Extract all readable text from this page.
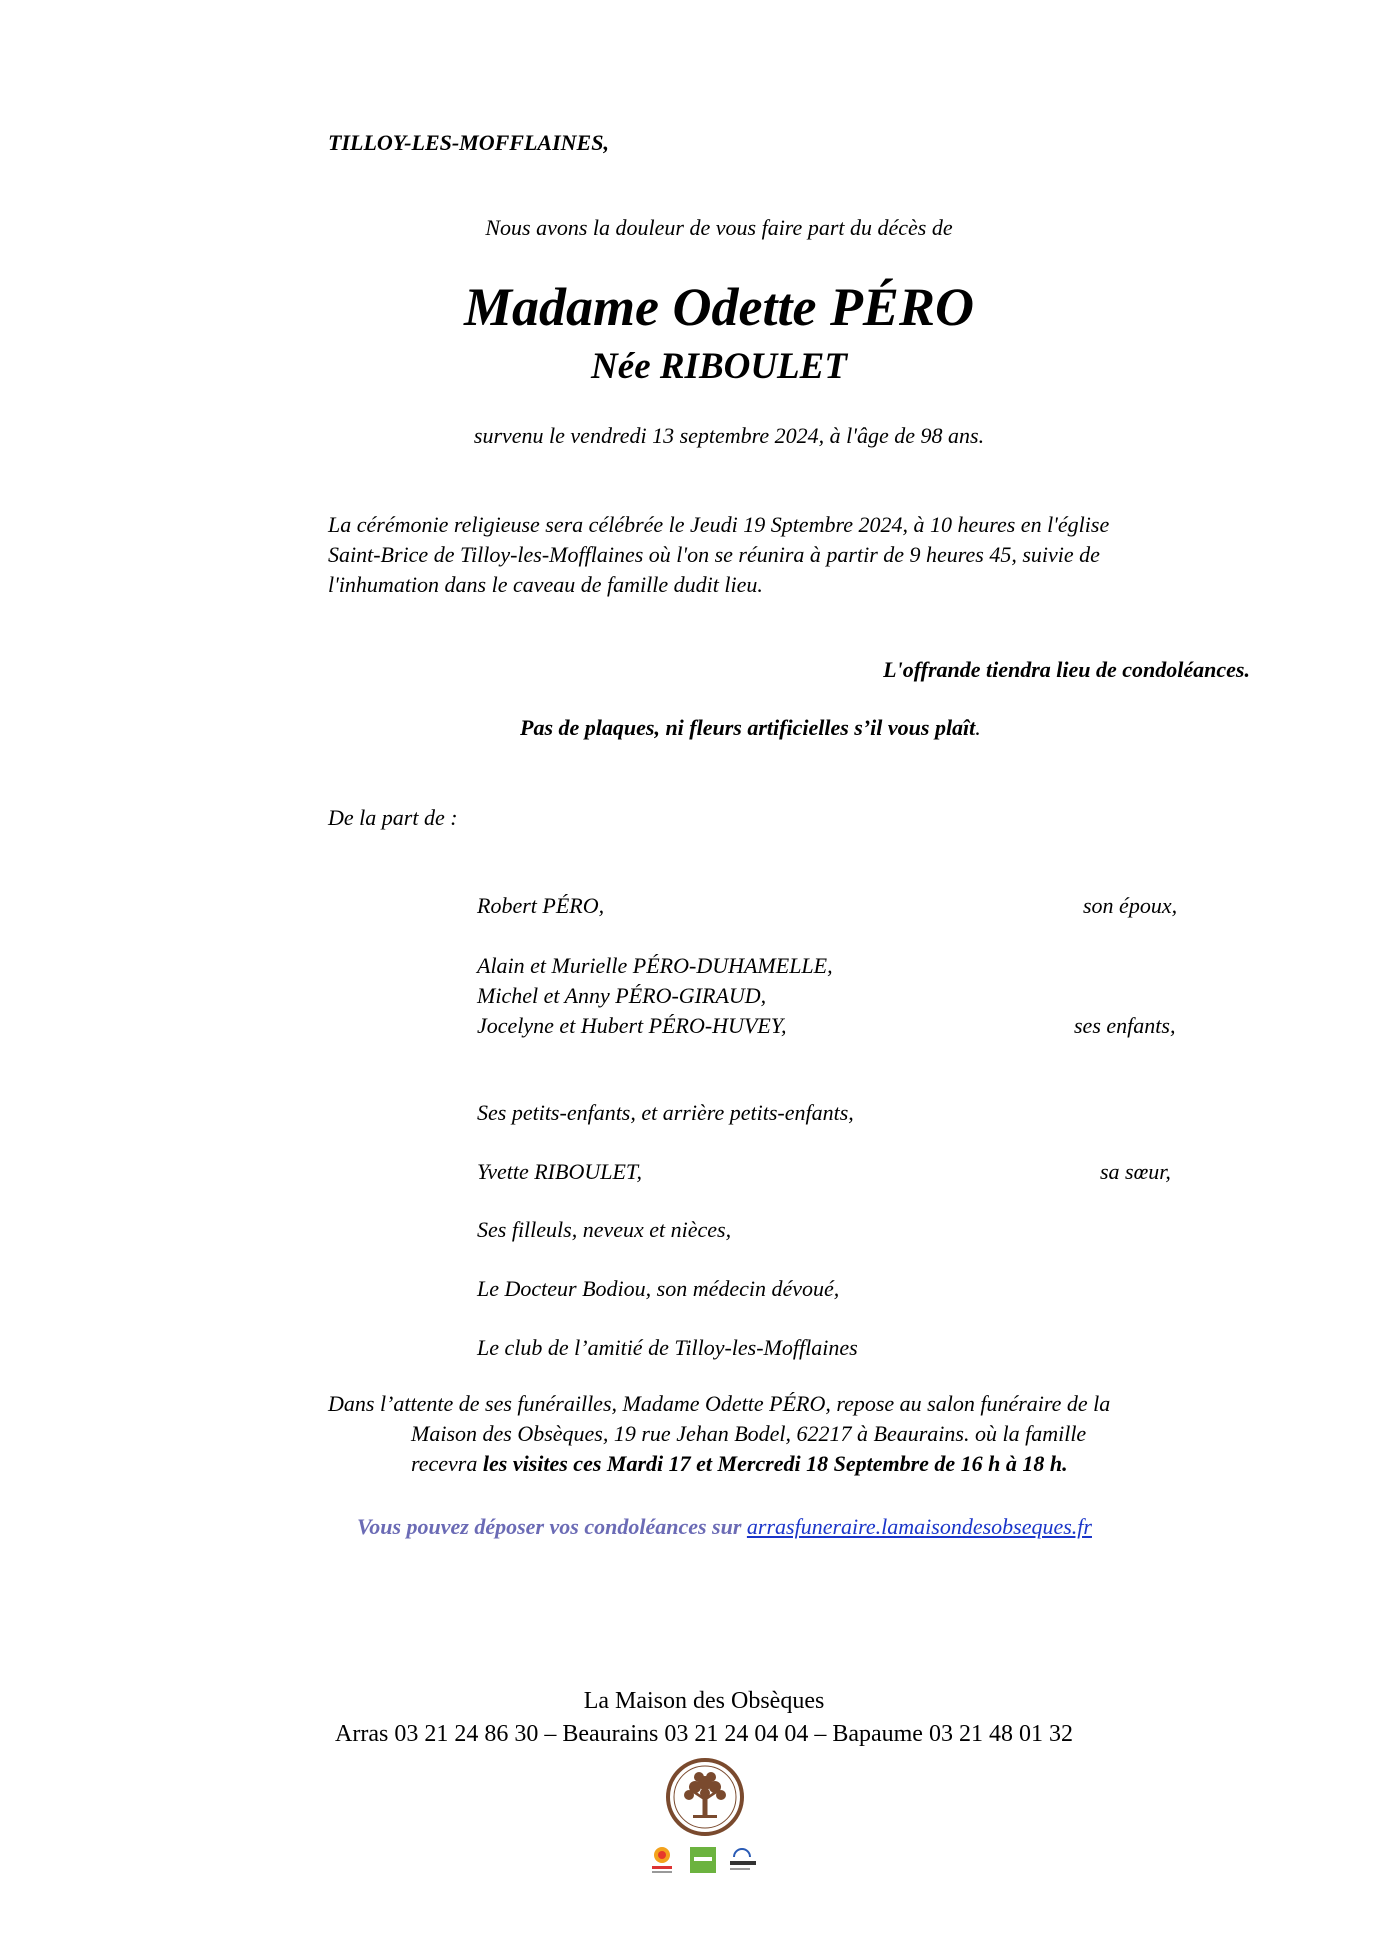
TILLOY-LES-MOFFLAINES,
Nous avons la douleur de vous faire part du décès de
Madame Odette PÉRO
Née RIBOULET
survenu le vendredi 13 septembre 2024, à l'âge de 98 ans.
La cérémonie religieuse sera célébrée le Jeudi 19 Sptembre 2024, à 10 heures en l'église
Saint-Brice de Tilloy-les-Mofflaines où l'on se réunira à partir de 9 heures 45, suivie de
l'inhumation dans le caveau de famille dudit lieu.
L'offrande tiendra lieu de condoléances.
Pas de plaques, ni fleurs artificielles s’il vous plaît.
De la part de :
Robert PÉRO,	son époux,
Alain et Murielle PÉRO-DUHAMELLE,
Michel et Anny PÉRO-GIRAUD,
Jocelyne et Hubert PÉRO-HUVEY,	ses enfants,
Ses petits-enfants, et arrière petits-enfants,
Yvette RIBOULET,	sa sœur,
Ses filleuls, neveux et nièces,
Le Docteur Bodiou, son médecin dévoué,
Le club de l’amitié de Tilloy-les-Mofflaines
Dans l’attente de ses funérailles, Madame Odette PÉRO, repose au salon funéraire de la
Maison des Obsèques, 19 rue Jehan Bodel, 62217 à Beaurains. où la famille
recevra les visites ces Mardi 17 et Mercredi 18 Septembre de 16 h à 18 h.
Vous pouvez déposer vos condoléances sur arrasfuneraire.lamaisondesobseques.fr
La Maison des Obsèques
Arras 03 21 24 86 30 – Beaurains 03 21 24 04 04 – Bapaume 03 21 48 01 32
